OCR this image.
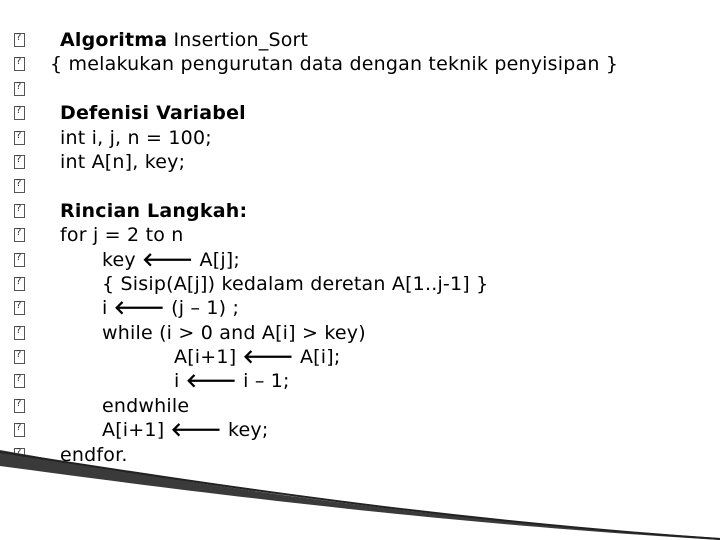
?

Algoritma Insertion_Sort

?

{ melakukan pengurutan data dengan teknik penyisipan }

?

?

Defenisi Variabel

?

int i, j, n = 100;

?

int A[n], key;

?

?

Rincian Langkah:

?

for j = 2 to n

?

key 🡐 A[j];

?

{ Sisip(A[j]) kedalam deretan A[1..j-1] }

?

i 🡐 (j – 1) ;

?

while (i > 0 and A[i] > key)

?

A[i+1] 🡐 A[i];

?

i 🡐 i – 1;

?

endwhile

?

A[i+1] 🡐 key;

?

endfor.
